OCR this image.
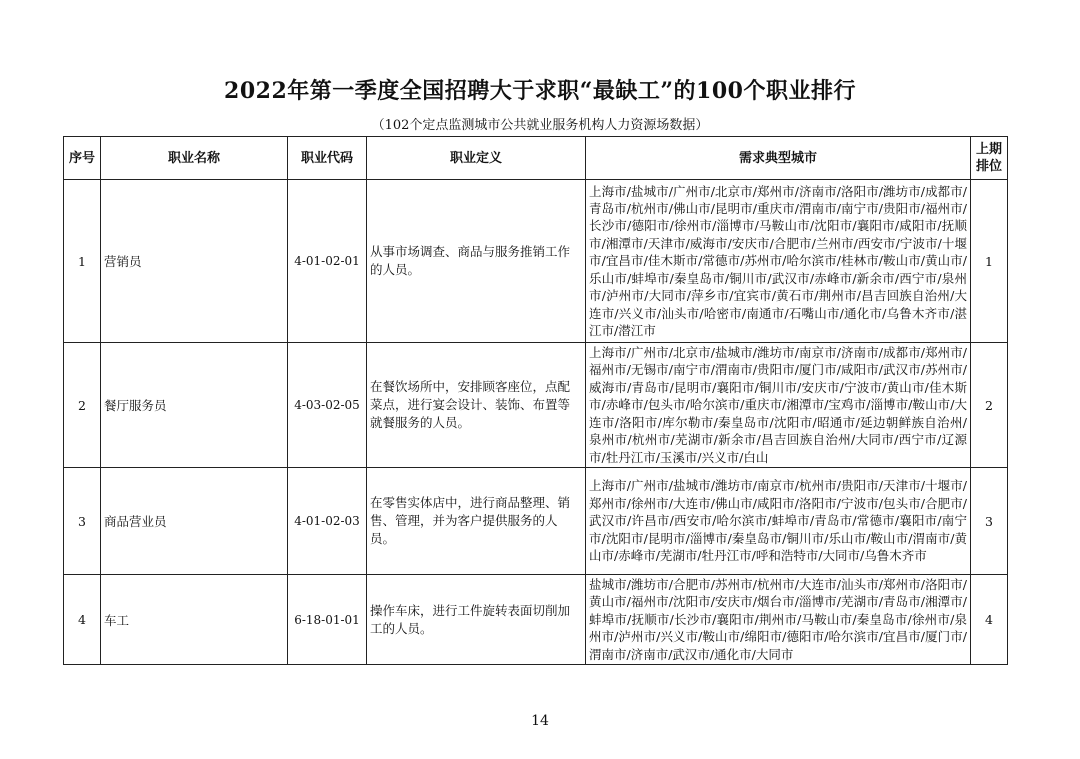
2022年第一季度全国招聘大于求职“最缺工”的100个职业排行
（102个定点监测城市公共就业服务机构人力资源场数据）
序号	职业名称	职业代码	职业定义	需求典型城市	上期排位
1	营销员	4-01-02-01	从事市场调查、商品与服务推销工作的人员。	上海市/盐城市/广州市/北京市/郑州市/济南市/洛阳市/潍坊市/成都市/青岛市/杭州市/佛山市/昆明市/重庆市/渭南市/南宁市/贵阳市/福州市/长沙市/德阳市/徐州市/淄博市/马鞍山市/沈阳市/襄阳市/咸阳市/抚顺市/湘潭市/天津市/威海市/安庆市/合肥市/兰州市/西安市/宁波市/十堰市/宜昌市/佳木斯市/常德市/苏州市/哈尔滨市/桂林市/鞍山市/黄山市/乐山市/蚌埠市/秦皇岛市/铜川市/武汉市/赤峰市/新余市/西宁市/泉州市/泸州市/大同市/萍乡市/宜宾市/黄石市/荆州市/昌吉回族自治州/大连市/兴义市/汕头市/哈密市/南通市/石嘴山市/通化市/乌鲁木齐市/湛江市/潜江市	1
2	餐厅服务员	4-03-02-05	在餐饮场所中，安排顾客座位，点配菜点，进行宴会设计、装饰、布置等就餐服务的人员。	上海市/广州市/北京市/盐城市/潍坊市/南京市/济南市/成都市/郑州市/福州市/无锡市/南宁市/渭南市/贵阳市/厦门市/咸阳市/武汉市/苏州市/威海市/青岛市/昆明市/襄阳市/铜川市/安庆市/宁波市/黄山市/佳木斯市/赤峰市/包头市/哈尔滨市/重庆市/湘潭市/宝鸡市/淄博市/鞍山市/大连市/洛阳市/库尔勒市/秦皇岛市/沈阳市/昭通市/延边朝鲜族自治州/泉州市/杭州市/芜湖市/新余市/昌吉回族自治州/大同市/西宁市/辽源市/牡丹江市/玉溪市/兴义市/白山	2
3	商品营业员	4-01-02-03	在零售实体店中，进行商品整理、销售、管理，并为客户提供服务的人员。	上海市/广州市/盐城市/潍坊市/南京市/杭州市/贵阳市/天津市/十堰市/郑州市/徐州市/大连市/佛山市/咸阳市/洛阳市/宁波市/包头市/合肥市/武汉市/许昌市/西安市/哈尔滨市/蚌埠市/青岛市/常德市/襄阳市/南宁市/沈阳市/昆明市/淄博市/秦皇岛市/铜川市/乐山市/鞍山市/渭南市/黄山市/赤峰市/芜湖市/牡丹江市/呼和浩特市/大同市/乌鲁木齐市	3
4	车工	6-18-01-01	操作车床，进行工件旋转表面切削加工的人员。	盐城市/潍坊市/合肥市/苏州市/杭州市/大连市/汕头市/郑州市/洛阳市/黄山市/福州市/沈阳市/安庆市/烟台市/淄博市/芜湖市/青岛市/湘潭市/蚌埠市/抚顺市/长沙市/襄阳市/荆州市/马鞍山市/秦皇岛市/徐州市/泉州市/泸州市/兴义市/鞍山市/绵阳市/德阳市/哈尔滨市/宜昌市/厦门市/渭南市/济南市/武汉市/通化市/大同市	4
14
